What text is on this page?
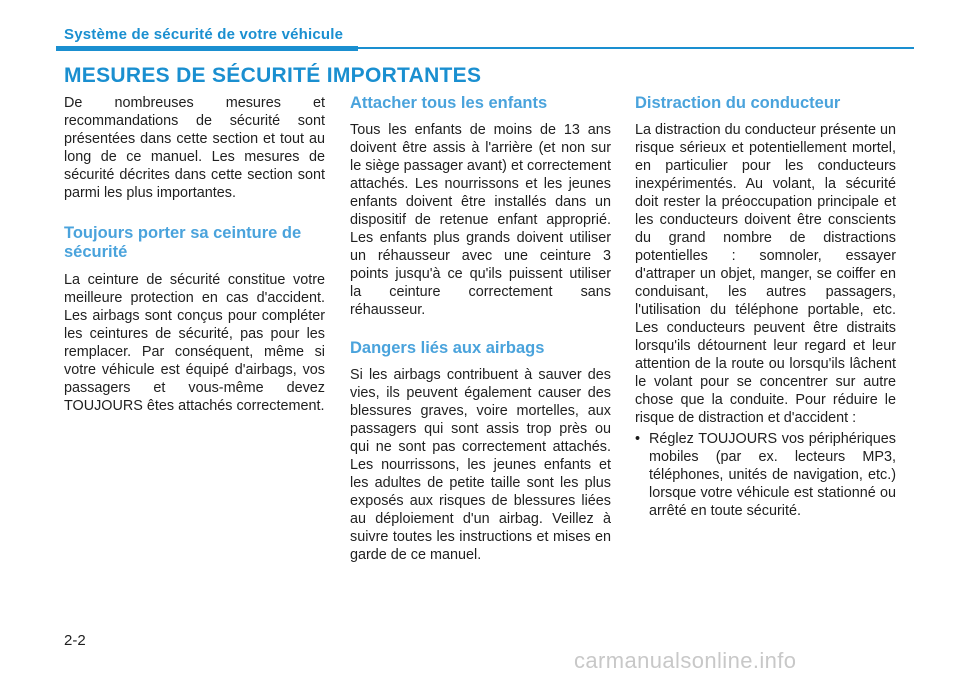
Système de sécurité de votre véhicule
MESURES DE SÉCURITÉ IMPORTANTES

De nombreuses mesures et recommandations de sécurité sont présentées dans cette section et tout au long de ce manuel. Les mesures de sécurité décrites dans cette section sont parmi les plus importantes.

Toujours porter sa ceinture de sécurité

La ceinture de sécurité constitue votre meilleure protection en cas d'accident. Les airbags sont conçus pour compléter les ceintures de sécurité, pas pour les remplacer. Par conséquent, même si votre véhicule est équipé d'airbags, vos passagers et vous-même devez TOUJOURS êtes attachés correctement.

Attacher tous les enfants

Tous les enfants de moins de 13 ans doivent être assis à l'arrière (et non sur le siège passager avant) et correctement attachés. Les nourrissons et les jeunes enfants doivent être installés dans un dispositif de retenue enfant approprié. Les enfants plus grands doivent utiliser un réhausseur avec une ceinture 3 points jusqu'à ce qu'ils puissent utiliser la ceinture correctement sans réhausseur.

Dangers liés aux airbags

Si les airbags contribuent à sauver des vies, ils peuvent également causer des blessures graves, voire mortelles, aux passagers qui sont assis trop près ou qui ne sont pas correctement attachés. Les nourrissons, les jeunes enfants et les adultes de petite taille sont les plus exposés aux risques de blessures liées au déploiement d'un airbag. Veillez à suivre toutes les instructions et mises en garde de ce manuel.

Distraction du conducteur

La distraction du conducteur présente un risque sérieux et potentiellement mortel, en particulier pour les conducteurs inexpérimentés. Au volant, la sécurité doit rester la préoccupation principale et les conducteurs doivent être conscients du grand nombre de distractions potentielles : somnoler, essayer d'attraper un objet, manger, se coiffer en conduisant, les autres passagers, l'utilisation du téléphone portable, etc. Les conducteurs peuvent être distraits lorsqu'ils détournent leur regard et leur attention de la route ou lorsqu'ils lâchent le volant pour se concentrer sur autre chose que la conduite. Pour réduire le risque de distraction et d'accident :

• Réglez TOUJOURS vos périphériques mobiles (par ex. lecteurs MP3, téléphones, unités de navigation, etc.) lorsque votre véhicule est stationné ou arrêté en toute sécurité.

2-2
carmanualsonline.info
